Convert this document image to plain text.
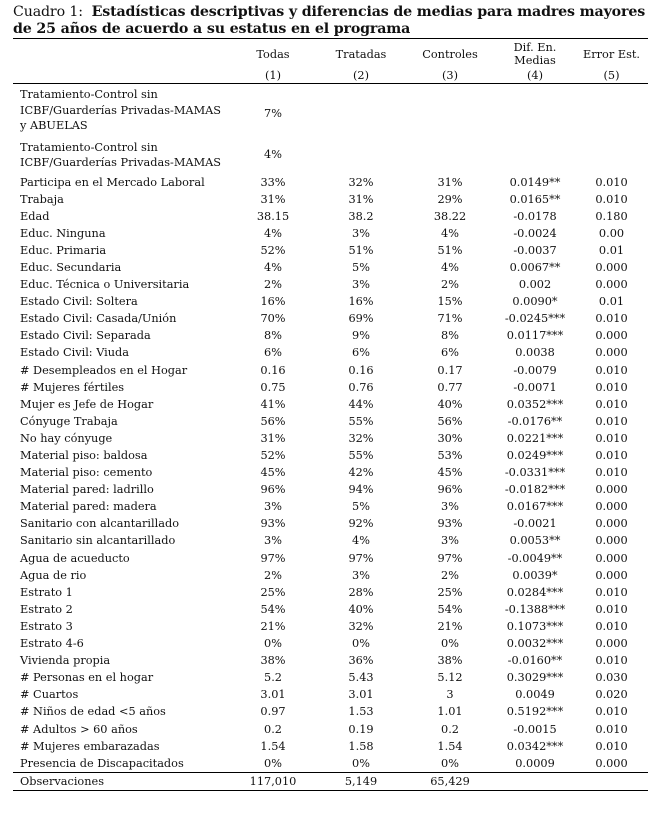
Cuadro 1: Estadísticas descriptivas y diferencias de medias para madres mayores de 25 años de acuerdo a su estatus en el programa

	Todas	Tratadas	Controles	Dif. En. Medias	Error Est.
	(1)	(2)	(3)	(4)	(5)
Tratamiento-Control sin ICBF/Guarderías Privadas-MAMAS y ABUELAS	7%				
Tratamiento-Control sin ICBF/Guarderías Privadas-MAMAS	4%				
Participa en el Mercado Laboral	33%	32%	31%	0.0149**	0.010
Trabaja	31%	31%	29%	0.0165**	0.010
Edad	38.15	38.2	38.22	-0.0178	0.180
Educ. Ninguna	4%	3%	4%	-0.0024	0.00
Educ. Primaria	52%	51%	51%	-0.0037	0.01
Educ. Secundaria	4%	5%	4%	0.0067**	0.000
Educ. Técnica o Universitaria	2%	3%	2%	0.002	0.000
Estado Civil: Soltera	16%	16%	15%	0.0090*	0.01
Estado Civil: Casada/Unión	70%	69%	71%	-0.0245***	0.010
Estado Civil: Separada	8%	9%	8%	0.0117***	0.000
Estado Civil: Viuda	6%	6%	6%	0.0038	0.000
# Desempleados en el Hogar	0.16	0.16	0.17	-0.0079	0.010
# Mujeres fértiles	0.75	0.76	0.77	-0.0071	0.010
Mujer es Jefe de Hogar	41%	44%	40%	0.0352***	0.010
Cónyuge Trabaja	56%	55%	56%	-0.0176**	0.010
No hay cónyuge	31%	32%	30%	0.0221***	0.010
Material piso: baldosa	52%	55%	53%	0.0249***	0.010
Material piso: cemento	45%	42%	45%	-0.0331***	0.010
Material pared: ladrillo	96%	94%	96%	-0.0182***	0.000
Material pared: madera	3%	5%	3%	0.0167***	0.000
Sanitario con alcantarillado	93%	92%	93%	-0.0021	0.000
Sanitario sin alcantarillado	3%	4%	3%	0.0053**	0.000
Agua de acueducto	97%	97%	97%	-0.0049**	0.000
Agua de rio	2%	3%	2%	0.0039*	0.000
Estrato 1	25%	28%	25%	0.0284***	0.010
Estrato 2	54%	40%	54%	-0.1388***	0.010
Estrato 3	21%	32%	21%	0.1073***	0.010
Estrato 4-6	0%	0%	0%	0.0032***	0.000
Vivienda propia	38%	36%	38%	-0.0160**	0.010
# Personas en el hogar	5.2	5.43	5.12	0.3029***	0.030
# Cuartos	3.01	3.01	3	0.0049	0.020
# Niños de edad <5 años	0.97	1.53	1.01	0.5192***	0.010
# Adultos > 60 años	0.2	0.19	0.2	-0.0015	0.010
# Mujeres embarazadas	1.54	1.58	1.54	0.0342***	0.010
Presencia de Discapacitados	0%	0%	0%	0.0009	0.000
Observaciones	117,010	5,149	65,429		
